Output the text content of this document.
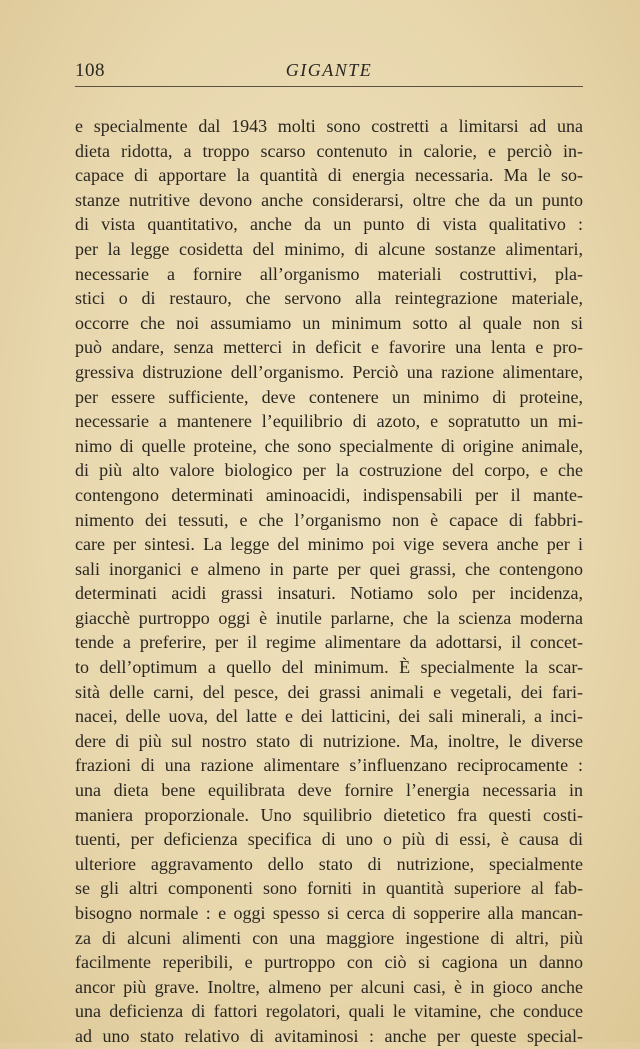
108	GIGANTE
e specialmente dal 1943 molti sono costretti a limitarsi ad una
dieta ridotta, a troppo scarso contenuto in calorie, e perciò in-
capace di apportare la quantità di energia necessaria. Ma le so-
stanze nutritive devono anche considerarsi, oltre che da un punto
di vista quantitativo, anche da un punto di vista qualitativo :
per la legge cosidetta del minimo, di alcune sostanze alimentari,
necessarie a fornire all’organismo materiali costruttivi, pla-
stici o di restauro, che servono alla reintegrazione materiale,
occorre che noi assumiamo un minimum sotto al quale non si
può andare, senza metterci in deficit e favorire una lenta e pro-
gressiva distruzione dell’organismo. Perciò una razione alimentare,
per essere sufficiente, deve contenere un minimo di proteine,
necessarie a mantenere l’equilibrio di azoto, e sopratutto un mi-
nimo di quelle proteine, che sono specialmente di origine animale,
di più alto valore biologico per la costruzione del corpo, e che
contengono determinati aminoacidi, indispensabili per il mante-
nimento dei tessuti, e che l’organismo non è capace di fabbri-
care per sintesi. La legge del minimo poi vige severa anche per i
sali inorganici e almeno in parte per quei grassi, che contengono
determinati acidi grassi insaturi. Notiamo solo per incidenza,
giacchè purtroppo oggi è inutile parlarne, che la scienza moderna
tende a preferire, per il regime alimentare da adottarsi, il concet-
to dell’optimum a quello del minimum. È specialmente la scar-
sità delle carni, del pesce, dei grassi animali e vegetali, dei fari-
nacei, delle uova, del latte e dei latticini, dei sali minerali, a inci-
dere di più sul nostro stato di nutrizione. Ma, inoltre, le diverse
frazioni di una razione alimentare s’influenzano reciprocamente :
una dieta bene equilibrata deve fornire l’energia necessaria in
maniera proporzionale. Uno squilibrio dietetico fra questi costi-
tuenti, per deficienza specifica di uno o più di essi, è causa di
ulteriore aggravamento dello stato di nutrizione, specialmente
se gli altri componenti sono forniti in quantità superiore al fab-
bisogno normale : e oggi spesso si cerca di sopperire alla mancan-
za di alcuni alimenti con una maggiore ingestione di altri, più
facilmente reperibili, e purtroppo con ciò si cagiona un danno
ancor più grave. Inoltre, almeno per alcuni casi, è in gioco anche
una deficienza di fattori regolatori, quali le vitamine, che conduce
ad uno stato relativo di avitaminosi : anche per queste special-
